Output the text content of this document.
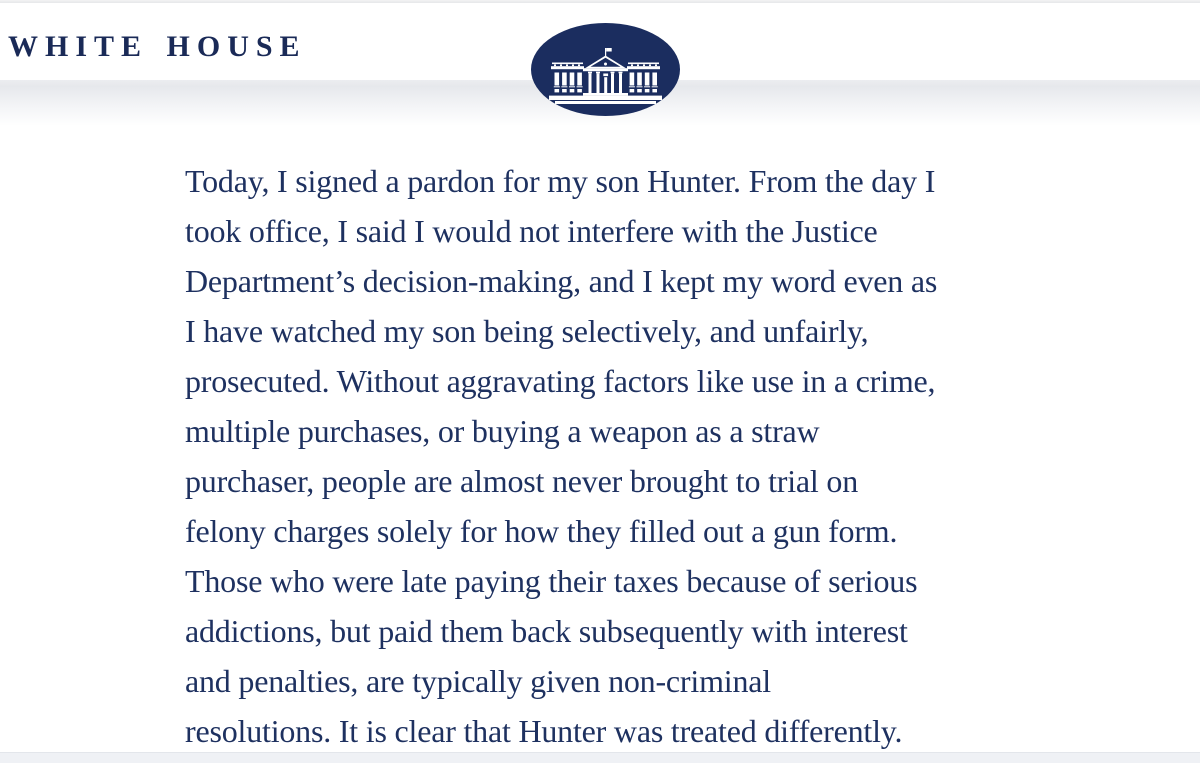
WHITE HOUSE
Today, I signed a pardon for my son Hunter. From the day I
took office, I said I would not interfere with the Justice
Department’s decision-making, and I kept my word even as
I have watched my son being selectively, and unfairly,
prosecuted. Without aggravating factors like use in a crime,
multiple purchases, or buying a weapon as a straw
purchaser, people are almost never brought to trial on
felony charges solely for how they filled out a gun form.
Those who were late paying their taxes because of serious
addictions, but paid them back subsequently with interest
and penalties, are typically given non-criminal
resolutions. It is clear that Hunter was treated differently.
